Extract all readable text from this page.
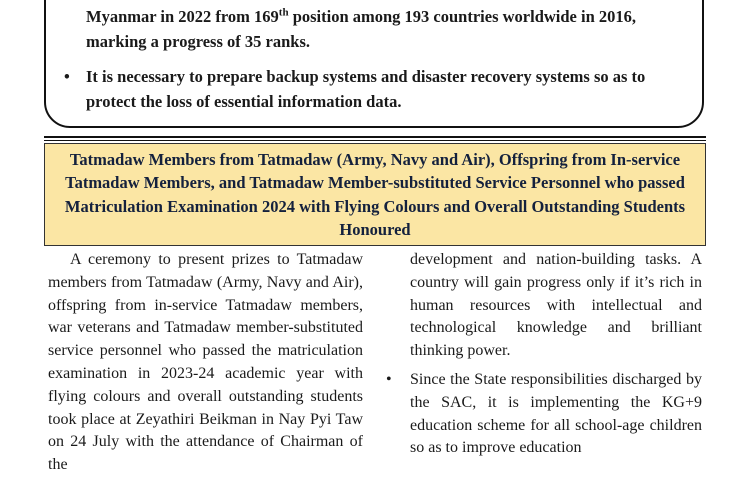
Myanmar in 2022 from 169th position among 193 countries worldwide in 2016,

marking a progress of 35 ranks.

• It is necessary to prepare backup systems and disaster recovery systems so as to protect the loss of essential information data.

Tatmadaw Members from Tatmadaw (Army, Navy and Air), Offspring from In-service Tatmadaw Members, and Tatmadaw Member-substituted Service Personnel who passed Matriculation Examination 2024 with Flying Colours and Overall Outstanding Students Honoured
A ceremony to present prizes to Tatmadaw members from Tatmadaw (Army, Navy and Air), offspring from in-service Tatmadaw members, war veterans and Tatmadaw member-substituted service personnel who passed the matriculation examination in 2023-24 academic year with flying colours and overall outstanding students took place at Zeyathiri Beikman in Nay Pyi Taw on 24 July with the attendance of Chairman of the

development and nation-building tasks. A country will gain progress only if it’s rich in human resources with intellectual and technological knowledge and brilliant thinking power.

• Since the State responsibilities discharged by the SAC, it is implementing the KG+9 education scheme for all school-age children so as to improve education
